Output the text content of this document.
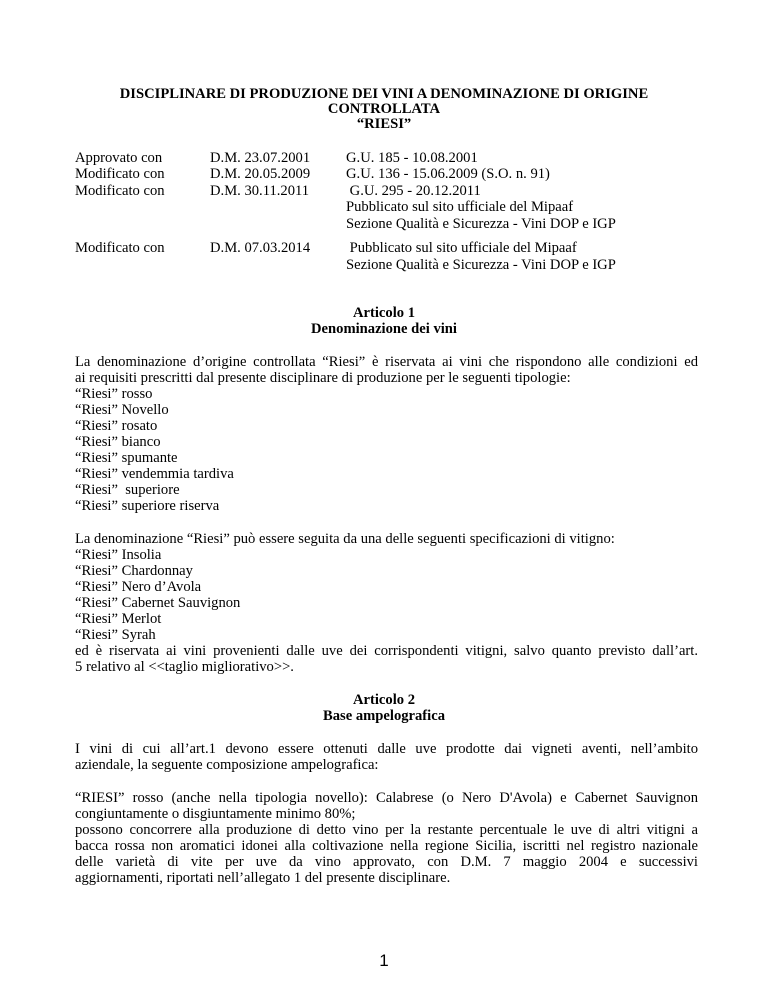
DISCIPLINARE DI PRODUZIONE DEI VINI A DENOMINAZIONE DI ORIGINE
CONTROLLATA
“RIESI”
Approvato con	D.M. 23.07.2001 G.U. 185 - 10.08.2001
Modificato con	D.M. 20.05.2009 G.U. 136 - 15.06.2009 (S.O. n. 91)
Modificato con	D.M. 30.11.2011	G.U. 295 - 20.12.2011
Pubblicato sul sito ufficiale del Mipaaf
Sezione Qualità e Sicurezza - Vini DOP e IGP
Modificato con	D.M. 07.03.2014 Pubblicato sul sito ufficiale del Mipaaf
Sezione Qualità e Sicurezza - Vini DOP e IGP
Articolo 1
Denominazione dei vini
La denominazione d’origine controllata “Riesi” è riservata ai vini che rispondono alle condizioni ed
ai requisiti prescritti dal presente disciplinare di produzione per le seguenti tipologie:
“Riesi” rosso
“Riesi” Novello
“Riesi” rosato
“Riesi” bianco
“Riesi” spumante
“Riesi” vendemmia tardiva
“Riesi”  superiore
“Riesi” superiore riserva
La denominazione “Riesi” può essere seguita da una delle seguenti specificazioni di vitigno:
“Riesi” Insolia
“Riesi” Chardonnay
“Riesi” Nero d’Avola
“Riesi” Cabernet Sauvignon
“Riesi” Merlot
“Riesi” Syrah
ed è riservata ai vini provenienti dalle uve dei corrispondenti vitigni, salvo quanto previsto dall’art.
5 relativo al <<taglio migliorativo>>.
Articolo 2
Base ampelografica
I vini di cui all’art.1 devono essere ottenuti dalle uve prodotte dai vigneti aventi, nell’ambito
aziendale, la seguente composizione ampelografica:
“RIESI” rosso (anche nella tipologia novello): Calabrese (o Nero D'Avola) e Cabernet Sauvignon
congiuntamente o disgiuntamente minimo 80%;
possono concorrere alla produzione di detto vino per la restante percentuale le uve di altri vitigni a
bacca rossa non aromatici idonei alla coltivazione nella regione Sicilia, iscritti nel registro nazionale
delle varietà di vite per uve da vino approvato, con D.M. 7 maggio 2004 e successivi
aggiornamenti, riportati nell’allegato 1 del presente disciplinare.
1
